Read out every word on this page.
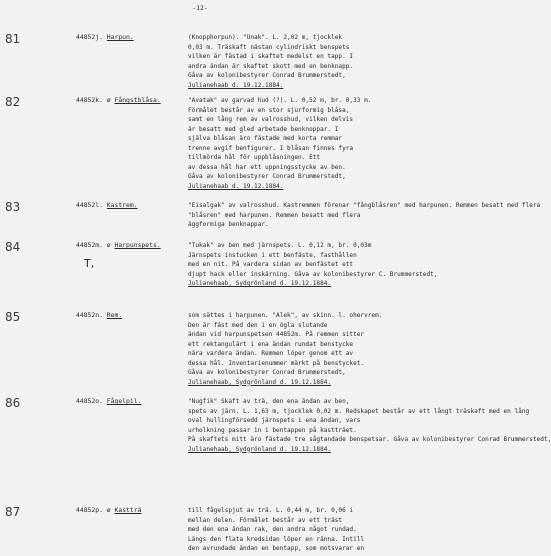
-12-
81	44852j. Harpun.	(Knopphorpun). "Unak". L. 2,02 m, tjocklek
0,03 m. Träskaft nästan cylindriskt benspets
vilken är fästad i skaftet medelst en tapp. I
andra ändan är skaftet skott med en benknapp.
Gåva av kolonibestyrer Conrad Brummerstedt,
Julianehaab d. 19.12.1884.
82	44852k. ø Fångstblåsa.	"Avatak" av garvad hud (?). L. 0,52 m, br. 0,33 m.
Förmålet består av en stor sjurformig blåsa,
samt en lång rem av valrosshud, vilken delvis
är besatt med gled arbetade benknoppar. I
själva blåsan äro fästade med korta remmar
trenne avgif benfigurer. I blåsan finnes fyra
tillmörda hål för uppblåsningen. Ett
av dessa hål har ett uppningsstycke av ben.
Gåva av kolonibestyrer Conrad Brummerstedt,
Julianehaab d. 19.12.1884.
83	44852l. Kastrem.	"Eisalgak" av valrosshud. Kastremmen förenar "fångblåsren" med harpunen. Remmen besatt med flera
"blåsren" med harpunen. Remmen besatt med flera
äggformiga benknappar.
84	44852m. ø Harpunspets.	"Tukak" av ben med järnspets. L. 0,12 m, br. 0,03m
Järnspets instucken i ett benfäste, fasthållen
med en nit. På vardera sidan av benfästet ett
djupt hack eller inskärning. Gåva av kolonibestyrer C. Brummerstedt,
Julianehaab, Sydgrönland d. 19.12.1884.
T,
85	44852n. Rem.	som sättes i harpunen. "Alek", av skinn. l. ohervrem.
Den är fäst med den i en ögla slutande
ändan vid harpunspetsen 44852m. På remmen sitter
ett rektangulärt i ena ändan rundat benstycke
nära vardera ändan. Remmen löper genom ett av
dessa hål. Inventarienummer märkt på benstycket.
Gåva av kolonibestyrer Conrad Brummerstedt,
Julianehaab, Sydgrönland d. 19.12.1884.
86	44852o. Fågelpil.	"Nugfik" Skaft av trä, den ena ändan av ben,
spets av järn. L. 1,63 m, tjocklek 0,02 m. Redskapet består av ett långt träskaft med en lång
oval hullingförsedd järnspets i ena ändan, vars
urholkning passar in i bentappen på kastträet.
På skaftets mitt äro fästade tre sågtandade benspetsar. Gåva av kolonibestyrer Conrad Brummerstedt,
Julianehaab, Sydgrönland d. 19.12.1884.
87	44852p. ø Kastträ	till fågelspjut av trä. L. 0,44 m, br. 0,06 i
mellan delen. Förmålet består av ett träst
med den ena ändan rak, den andra något rundad.
Längs den flata kredsidan löper en ränna. Intill
den avrundade ändan en bentapp, som motsvarar en
